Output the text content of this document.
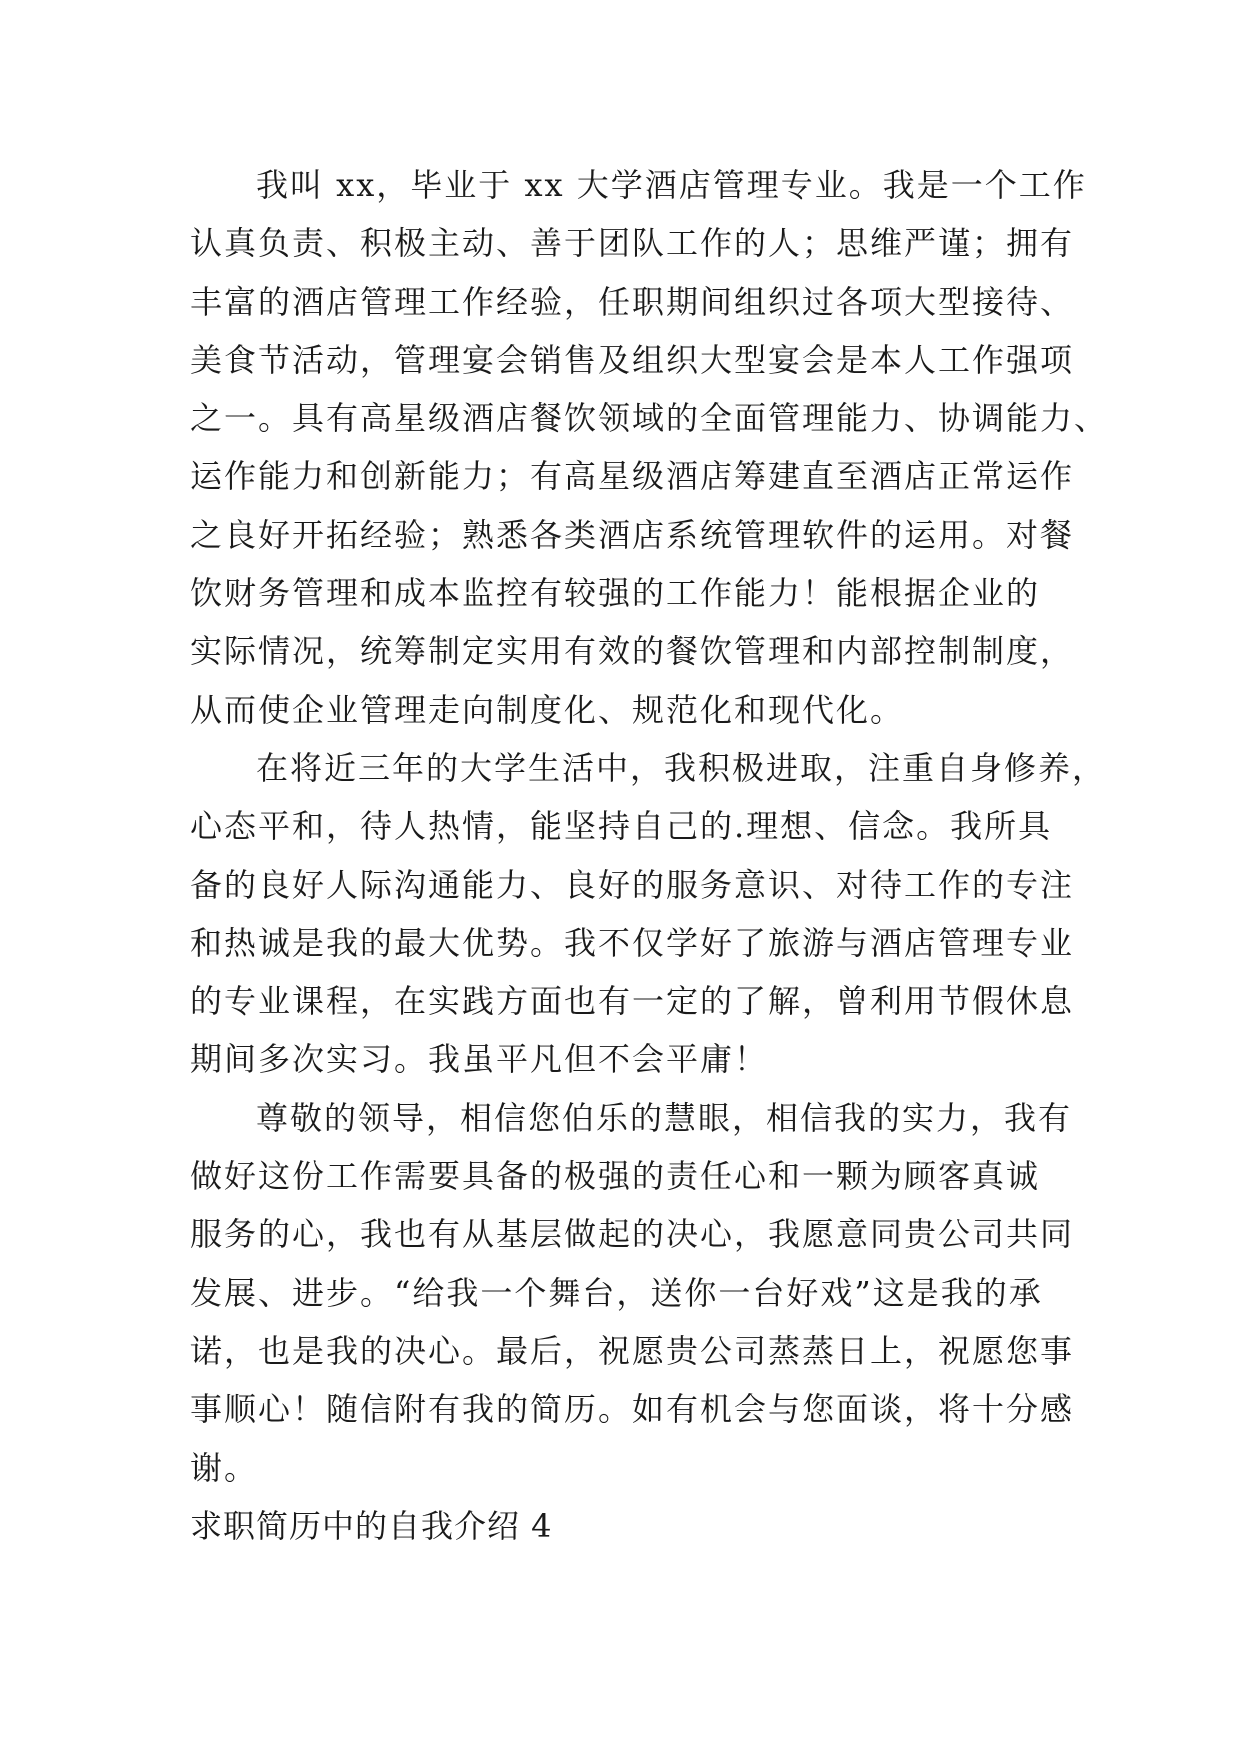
我叫 xx，毕业于 xx 大学酒店管理专业。我是一个工作
认真负责、积极主动、善于团队工作的人；思维严谨；拥有
丰富的酒店管理工作经验，任职期间组织过各项大型接待、
美食节活动，管理宴会销售及组织大型宴会是本人工作强项
之一。具有高星级酒店餐饮领域的全面管理能力、协调能力、
运作能力和创新能力；有高星级酒店筹建直至酒店正常运作
之良好开拓经验；熟悉各类酒店系统管理软件的运用。对餐
饮财务管理和成本监控有较强的工作能力！能根据企业的
实际情况，统筹制定实用有效的餐饮管理和内部控制制度，
从而使企业管理走向制度化、规范化和现代化。
在将近三年的大学生活中，我积极进取，注重自身修养，
心态平和，待人热情，能坚持自己的.理想、信念。我所具
备的良好人际沟通能力、良好的服务意识、对待工作的专注
和热诚是我的最大优势。我不仅学好了旅游与酒店管理专业
的专业课程，在实践方面也有一定的了解，曾利用节假休息
期间多次实习。我虽平凡但不会平庸！
尊敬的领导，相信您伯乐的慧眼，相信我的实力，我有
做好这份工作需要具备的极强的责任心和一颗为顾客真诚
服务的心，我也有从基层做起的决心，我愿意同贵公司共同
发展、进步。“给我一个舞台，送你一台好戏”这是我的承
诺，也是我的决心。最后，祝愿贵公司蒸蒸日上，祝愿您事
事顺心！随信附有我的简历。如有机会与您面谈，将十分感
谢。
求职简历中的自我介绍 4
